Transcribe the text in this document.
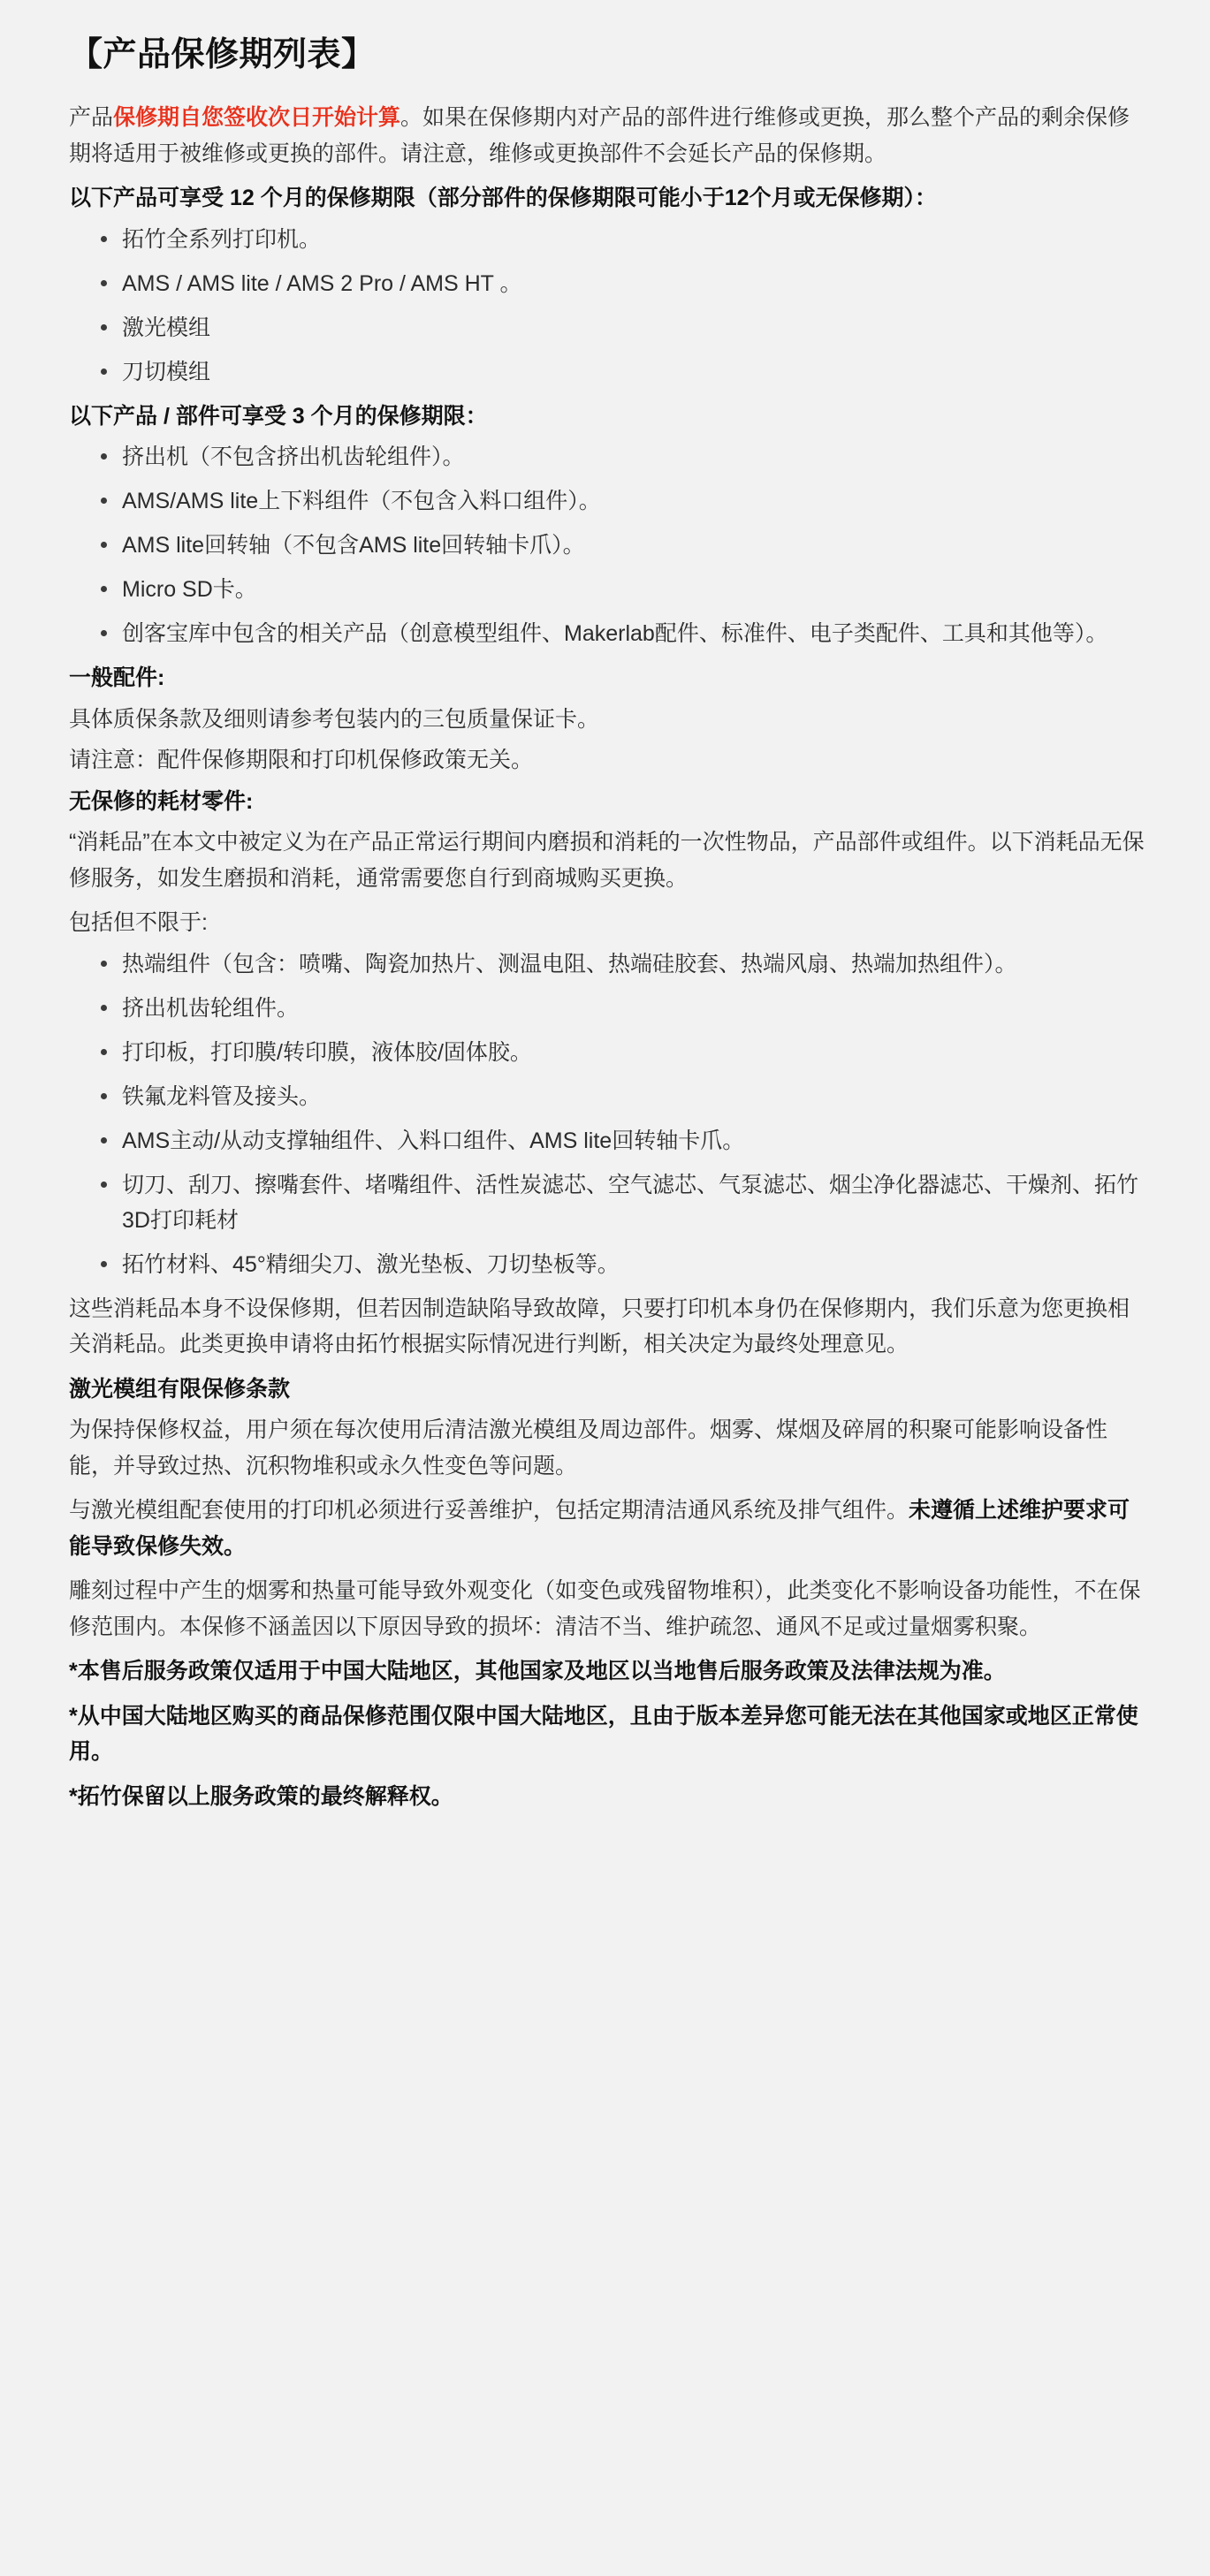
【产品保修期列表】

产品保修期自您签收次日开始计算。如果在保修期内对产品的部件进行维修或更换，那么整个产品的剩余保修期将适用于被维修或更换的部件。请注意，维修或更换部件不会延长产品的保修期。

以下产品可享受 12 个月的保修期限（部分部件的保修期限可能小于12个月或无保修期）：
拓竹全系列打印机。
AMS / AMS lite / AMS 2 Pro / AMS HT 。
激光模组
刀切模组
以下产品 / 部件可享受 3 个月的保修期限：
挤出机（不包含挤出机齿轮组件）。
AMS/AMS lite上下料组件（不包含入料口组件）。
AMS lite回转轴（不包含AMS lite回转轴卡爪）。
Micro SD卡。
创客宝库中包含的相关产品（创意模型组件、Makerlab配件、标准件、电子类配件、工具和其他等）。
一般配件:

具体质保条款及细则请参考包装内的三包质量保证卡。

请注意：配件保修期限和打印机保修政策无关。

无保修的耗材零件:

“消耗品”在本文中被定义为在产品正常运行期间内磨损和消耗的一次性物品，产品部件或组件。以下消耗品无保修服务，如发生磨损和消耗，通常需要您自行到商城购买更换。

包括但不限于:

热端组件（包含：喷嘴、陶瓷加热片、测温电阻、热端硅胶套、热端风扇、热端加热组件）。
挤出机齿轮组件。
打印板，打印膜/转印膜，液体胶/固体胶。
铁氟龙料管及接头。
AMS主动/从动支撑轴组件、入料口组件、AMS lite回转轴卡爪。
切刀、刮刀、擦嘴套件、堵嘴组件、活性炭滤芯、空气滤芯、气泵滤芯、烟尘净化器滤芯、干燥剂、拓竹3D打印耗材
拓竹材料、45°精细尖刀、激光垫板、刀切垫板等。

这些消耗品本身不设保修期，但若因制造缺陷导致故障，只要打印机本身仍在保修期内，我们乐意为您更换相关消耗品。此类更换申请将由拓竹根据实际情况进行判断，相关决定为最终处理意见。

激光模组有限保修条款

为保持保修权益，用户须在每次使用后清洁激光模组及周边部件。烟雾、煤烟及碎屑的积聚可能影响设备性能，并导致过热、沉积物堆积或永久性变色等问题。

与激光模组配套使用的打印机必须进行妥善维护，包括定期清洁通风系统及排气组件。未遵循上述维护要求可能导致保修失效。

雕刻过程中产生的烟雾和热量可能导致外观变化（如变色或残留物堆积），此类变化不影响设备功能性，不在保修范围内。本保修不涵盖因以下原因导致的损坏：清洁不当、维护疏忽、通风不足或过量烟雾积聚。

*本售后服务政策仅适用于中国大陆地区，其他国家及地区以当地售后服务政策及法律法规为准。

*从中国大陆地区购买的商品保修范围仅限中国大陆地区，且由于版本差异您可能无法在其他国家或地区正常使用。

*拓竹保留以上服务政策的最终解释权。
